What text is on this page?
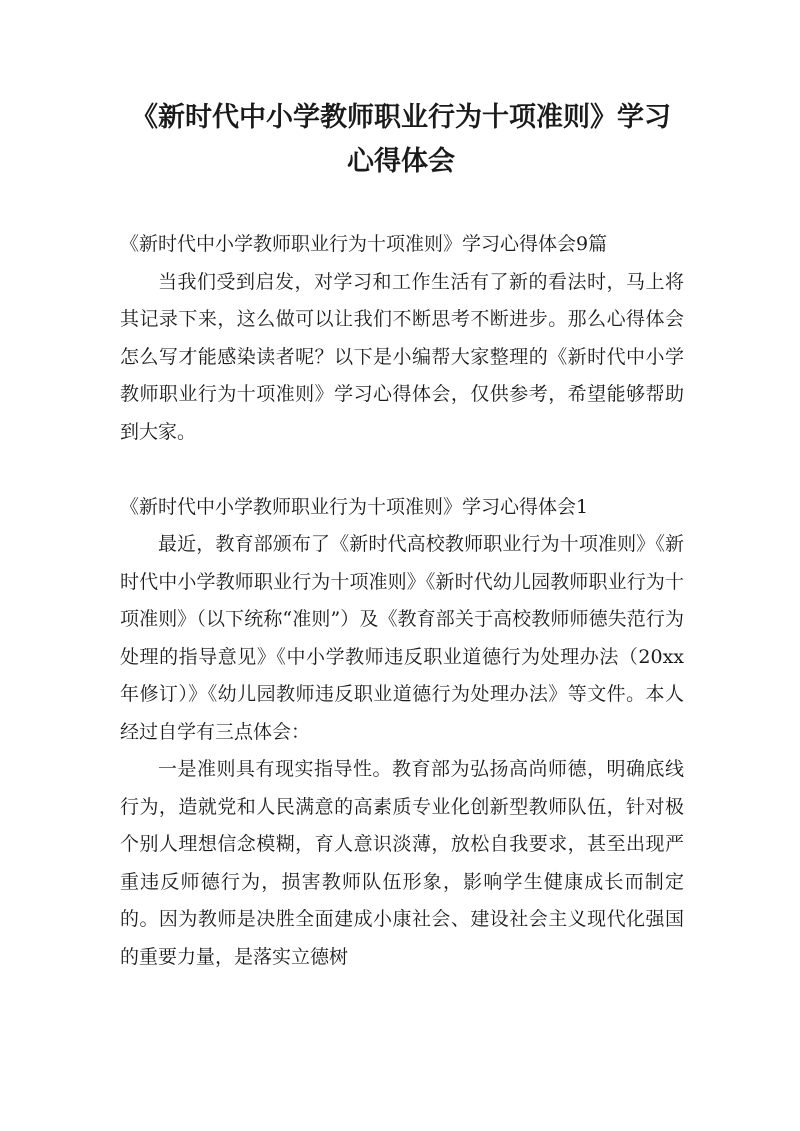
《新时代中小学教师职业行为十项准则》学习心得体会

《新时代中小学教师职业行为十项准则》学习心得体会9篇

当我们受到启发，对学习和工作生活有了新的看法时，马上将其记录下来，这么做可以让我们不断思考不断进步。那么心得体会怎么写才能感染读者呢？以下是小编帮大家整理的《新时代中小学教师职业行为十项准则》学习心得体会，仅供参考，希望能够帮助到大家。

《新时代中小学教师职业行为十项准则》学习心得体会1

最近，教育部颁布了《新时代高校教师职业行为十项准则》《新时代中小学教师职业行为十项准则》《新时代幼儿园教师职业行为十项准则》（以下统称“准则”）及《教育部关于高校教师师德失范行为处理的指导意见》《中小学教师违反职业道德行为处理办法（20xx年修订）》《幼儿园教师违反职业道德行为处理办法》等文件。本人经过自学有三点体会：

一是准则具有现实指导性。教育部为弘扬高尚师德，明确底线行为，造就党和人民满意的高素质专业化创新型教师队伍，针对极个别人理想信念模糊，育人意识淡薄，放松自我要求，甚至出现严重违反师德行为，损害教师队伍形象，影响学生健康成长而制定的。因为教师是决胜全面建成小康社会、建设社会主义现代化强国的重要力量，是落实立德树
